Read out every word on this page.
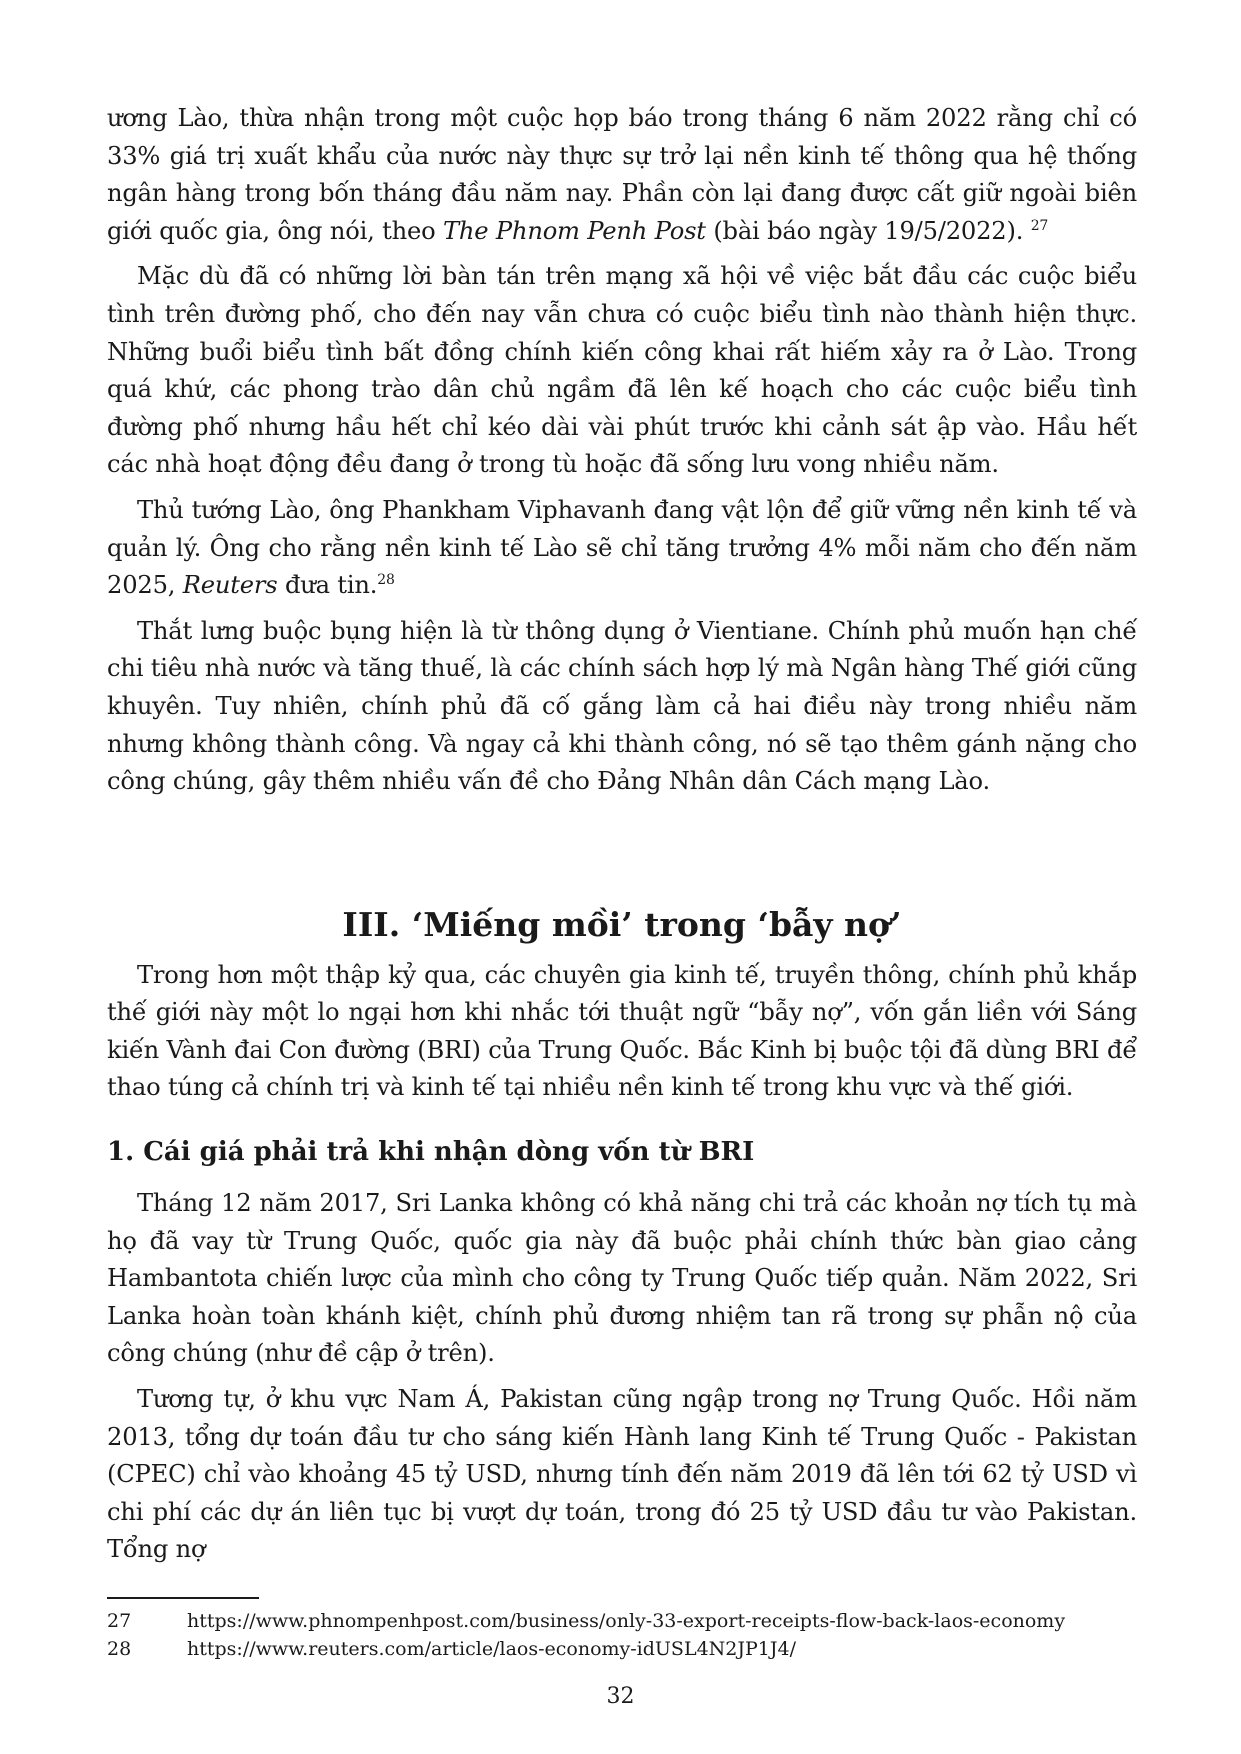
ương Lào, thừa nhận trong một cuộc họp báo trong tháng 6 năm 2022 rằng chỉ có 33% giá trị xuất khẩu của nước này thực sự trở lại nền kinh tế thông qua hệ thống ngân hàng trong bốn tháng đầu năm nay. Phần còn lại đang được cất giữ ngoài biên giới quốc gia, ông nói, theo The Phnom Penh Post (bài báo ngày 19/5/2022). $^{27}$

Mặc dù đã có những lời bàn tán trên mạng xã hội về việc bắt đầu các cuộc biểu tình trên đường phố, cho đến nay vẫn chưa có cuộc biểu tình nào thành hiện thực. Những buổi biểu tình bất đồng chính kiến công khai rất hiếm xảy ra ở Lào. Trong quá khứ, các phong trào dân chủ ngầm đã lên kế hoạch cho các cuộc biểu tình đường phố nhưng hầu hết chỉ kéo dài vài phút trước khi cảnh sát ập vào. Hầu hết các nhà hoạt động đều đang ở trong tù hoặc đã sống lưu vong nhiều năm.

Thủ tướng Lào, ông Phankham Viphavanh đang vật lộn để giữ vững nền kinh tế và quản lý. Ông cho rằng nền kinh tế Lào sẽ chỉ tăng trưởng 4% mỗi năm cho đến năm 2025, Reuters đưa tin.$^{28}$

Thắt lưng buộc bụng hiện là từ thông dụng ở Vientiane. Chính phủ muốn hạn chế chi tiêu nhà nước và tăng thuế, là các chính sách hợp lý mà Ngân hàng Thế giới cũng khuyên. Tuy nhiên, chính phủ đã cố gắng làm cả hai điều này trong nhiều năm nhưng không thành công. Và ngay cả khi thành công, nó sẽ tạo thêm gánh nặng cho công chúng, gây thêm nhiều vấn đề cho Đảng Nhân dân Cách mạng Lào.

III. ‘Miếng mồi’ trong ‘bẫy nợ’

Trong hơn một thập kỷ qua, các chuyên gia kinh tế, truyền thông, chính phủ khắp thế giới này một lo ngại hơn khi nhắc tới thuật ngữ “bẫy nợ”, vốn gắn liền với Sáng kiến Vành đai Con đường (BRI) của Trung Quốc. Bắc Kinh bị buộc tội đã dùng BRI để thao túng cả chính trị và kinh tế tại nhiều nền kinh tế trong khu vực và thế giới.

1. Cái giá phải trả khi nhận dòng vốn từ BRI

Tháng 12 năm 2017, Sri Lanka không có khả năng chi trả các khoản nợ tích tụ mà họ đã vay từ Trung Quốc, quốc gia này đã buộc phải chính thức bàn giao cảng Hambantota chiến lược của mình cho công ty Trung Quốc tiếp quản. Năm 2022, Sri Lanka hoàn toàn khánh kiệt, chính phủ đương nhiệm tan rã trong sự phẫn nộ của công chúng (như đề cập ở trên).

Tương tự, ở khu vực Nam Á, Pakistan cũng ngập trong nợ Trung Quốc. Hồi năm 2013, tổng dự toán đầu tư cho sáng kiến Hành lang Kinh tế Trung Quốc - Pakistan (CPEC) chỉ vào khoảng 45 tỷ USD, nhưng tính đến năm 2019 đã lên tới 62 tỷ USD vì chi phí các dự án liên tục bị vượt dự toán, trong đó 25 tỷ USD đầu tư vào Pakistan. Tổng nợ

27	https://www.phnompenhpost.com/business/only-33-export-receipts-flow-back-laos-economy
28	https://www.reuters.com/article/laos-economy-idUSL4N2JP1J4/
32
